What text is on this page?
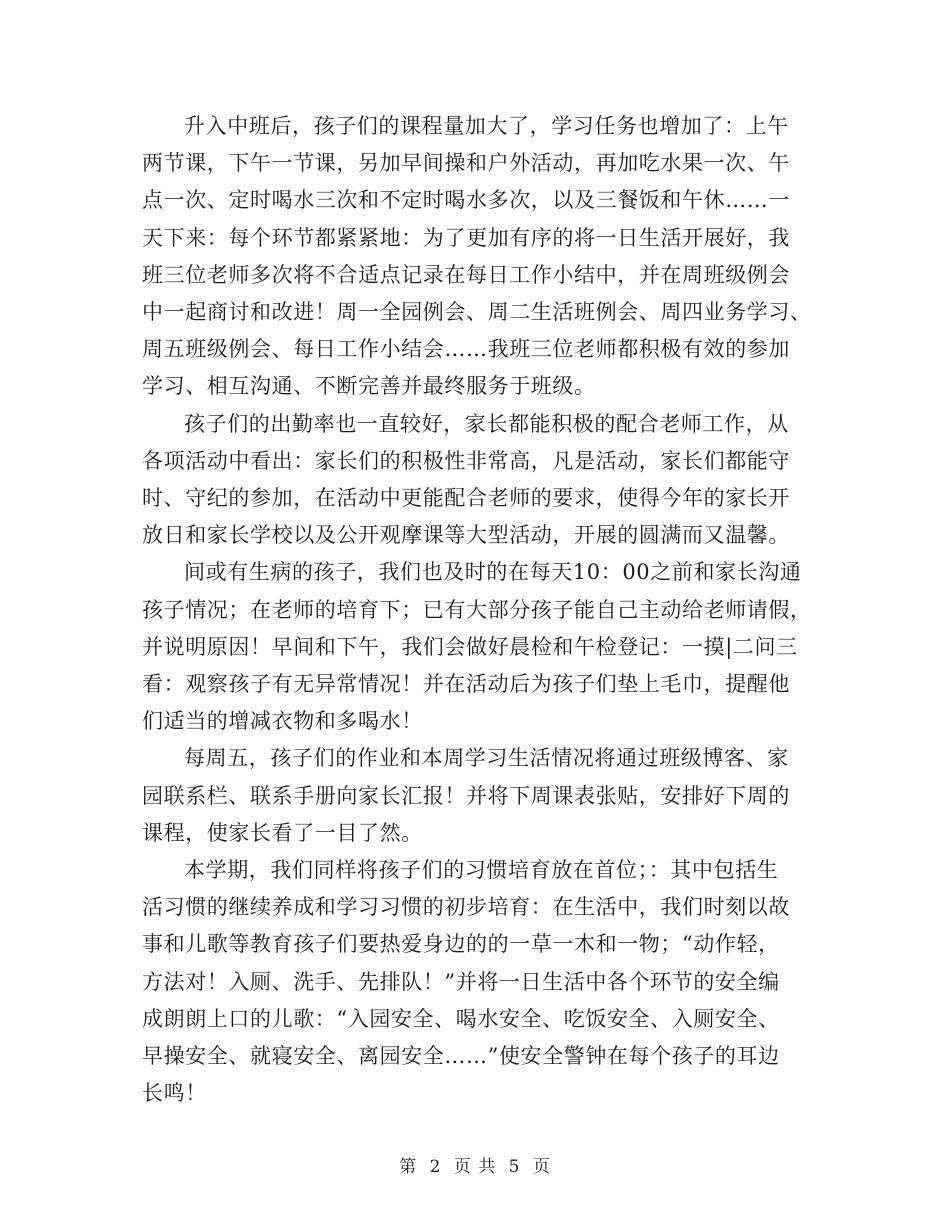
升入中班后，孩子们的课程量加大了，学习任务也增加了：上午
两节课，下午一节课，另加早间操和户外活动，再加吃水果一次、午
点一次、定时喝水三次和不定时喝水多次，以及三餐饭和午休……一
天下来：每个环节都紧紧地：为了更加有序的将一日生活开展好，我
班三位老师多次将不合适点记录在每日工作小结中，并在周班级例会
中一起商讨和改进！周一全园例会、周二生活班例会、周四业务学习、
周五班级例会、每日工作小结会……我班三位老师都积极有效的参加
学习、相互沟通、不断完善并最终服务于班级。

孩子们的出勤率也一直较好，家长都能积极的配合老师工作，从
各项活动中看出：家长们的积极性非常高，凡是活动，家长们都能守
时、守纪的参加，在活动中更能配合老师的要求，使得今年的家长开
放日和家长学校以及公开观摩课等大型活动，开展的圆满而又温馨。

间或有生病的孩子，我们也及时的在每天10：00之前和家长沟通
孩子情况；在老师的培育下；已有大部分孩子能自己主动给老师请假，
并说明原因！早间和下午，我们会做好晨检和午检登记：一摸|二问三
看：观察孩子有无异常情况！并在活动后为孩子们垫上毛巾，提醒他
们适当的增减衣物和多喝水！

每周五，孩子们的作业和本周学习生活情况将通过班级博客、家
园联系栏、联系手册向家长汇报！并将下周课表张贴，安排好下周的
课程，使家长看了一目了然。

本学期，我们同样将孩子们的习惯培育放在首位；：其中包括生
活习惯的继续养成和学习习惯的初步培育：在生活中，我们时刻以故
事和儿歌等教育孩子们要热爱身边的的一草一木和一物；“动作轻，
方法对！入厕、洗手、先排队！”并将一日生活中各个环节的安全编
成朗朗上口的儿歌：“入园安全、喝水安全、吃饭安全、入厕安全、
早操安全、就寝安全、离园安全……”使安全警钟在每个孩子的耳边
长鸣！

第 2 页 共 5 页
